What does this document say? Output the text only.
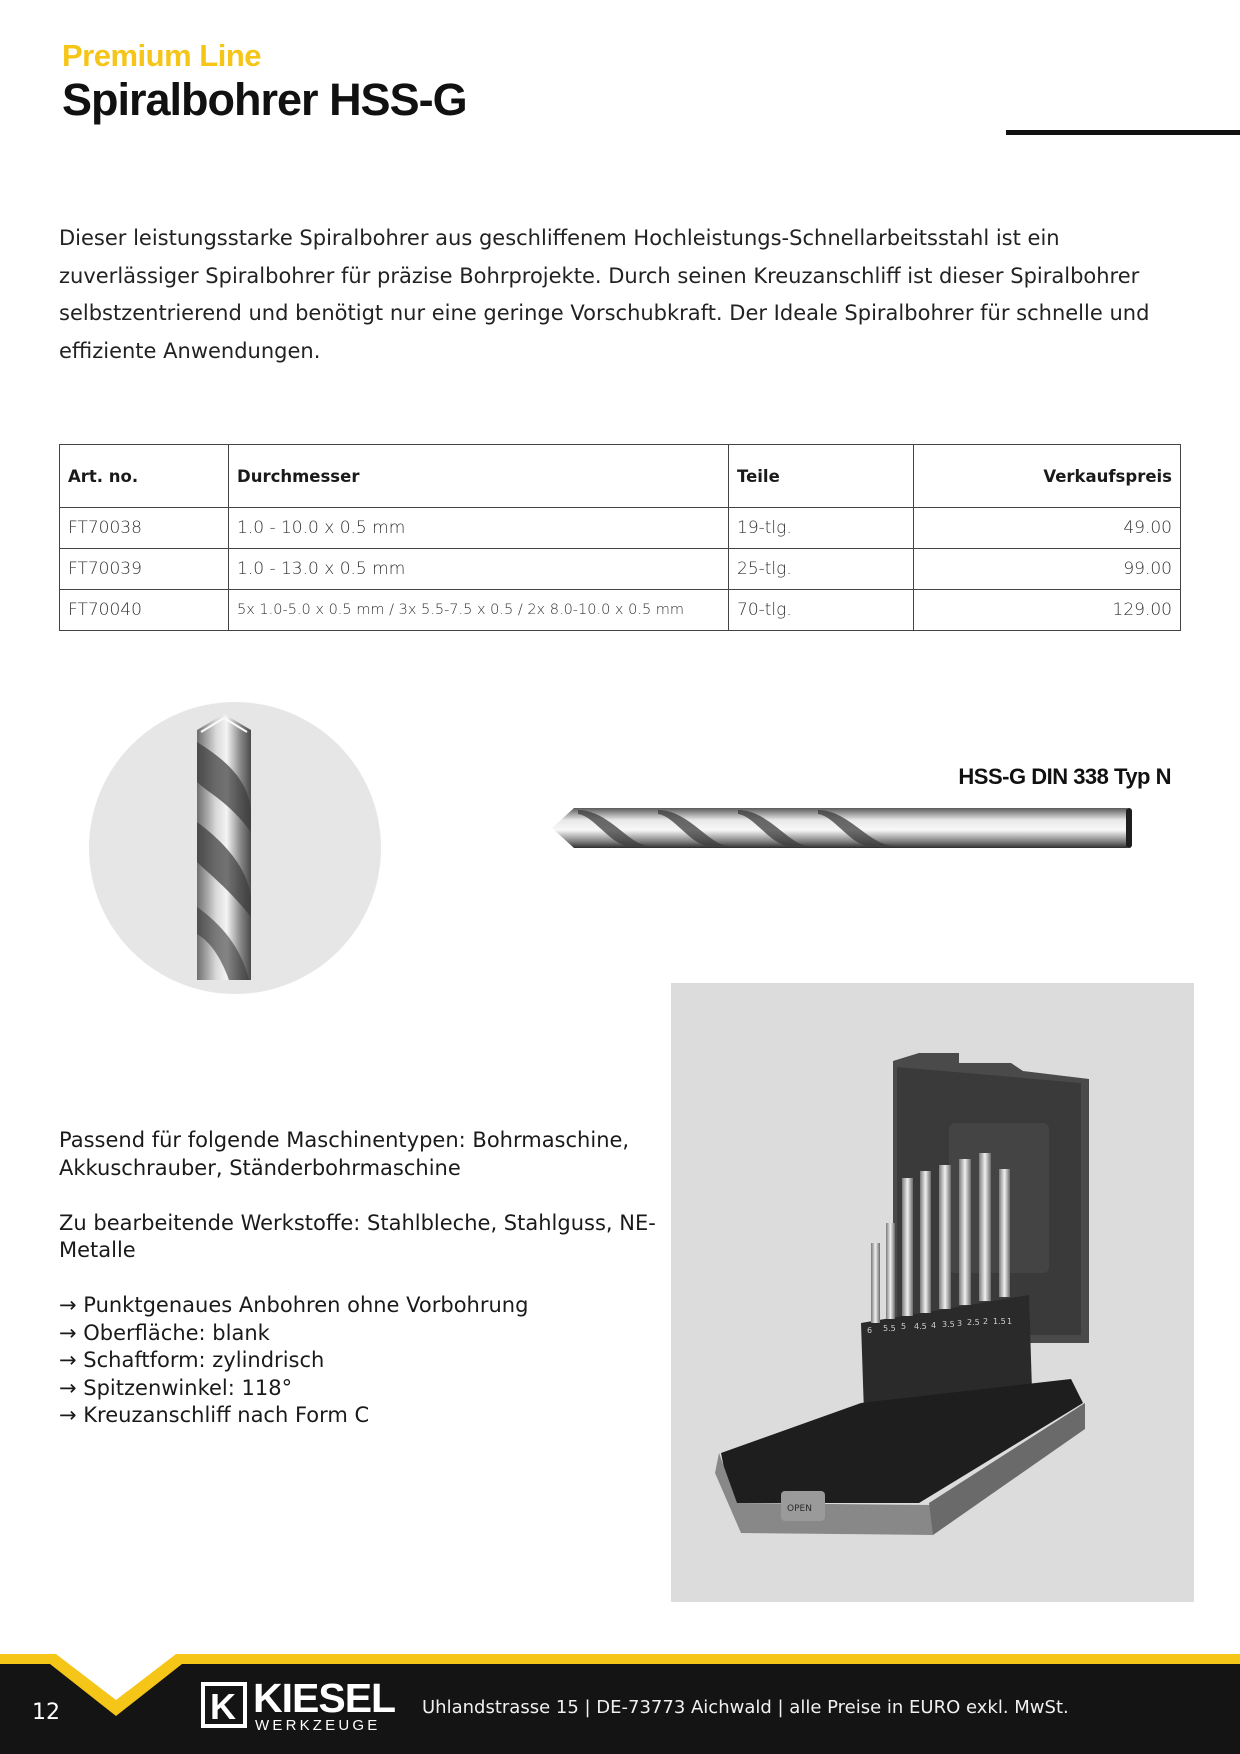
Premium Line
Spiralbohrer HSS-G

Dieser leistungsstarke Spiralbohrer aus geschliffenem Hochleistungs-Schnellarbeitsstahl ist ein zuverlässiger Spiralbohrer für präzise Bohrprojekte. Durch seinen Kreuzanschliff ist dieser Spiralbohrer selbstzentrierend und benötigt nur eine geringe Vorschubkraft. Der Ideale Spiralbohrer für schnelle und effiziente Anwendungen.

Art. no.	Durchmesser	Teile	Verkaufspreis
FT70038	1.0 - 10.0 x 0.5 mm	19-tlg.	49.00
FT70039	1.0 - 13.0 x 0.5 mm	25-tlg.	99.00
FT70040	5x 1.0-5.0 x 0.5 mm / 3x 5.5-7.5 x 0.5 / 2x 8.0-10.0 x 0.5 mm	70-tlg.	129.00
HSS-G DIN 338 Typ N
6 5.5 5 4.5 4 3.5 3 2.5 2 1.5 1
OPEN

Passend für folgende Maschinentypen: Bohrmaschine, Akkuschrauber, Ständerbohrmaschine

Zu bearbeitende Werkstoffe: Stahlbleche, Stahlguss, NE-Metalle

→ Punktgenaues Anbohren ohne Vorbohrung
→ Oberfläche: blank
→ Schaftform: zylindrisch
→ Spitzenwinkel: 118°
→ Kreuzanschliff nach Form C
12	K KIESEL
WERKZEUGE
Uhlandstrasse 15 | DE-73773 Aichwald | alle Preise in EURO exkl. MwSt.
